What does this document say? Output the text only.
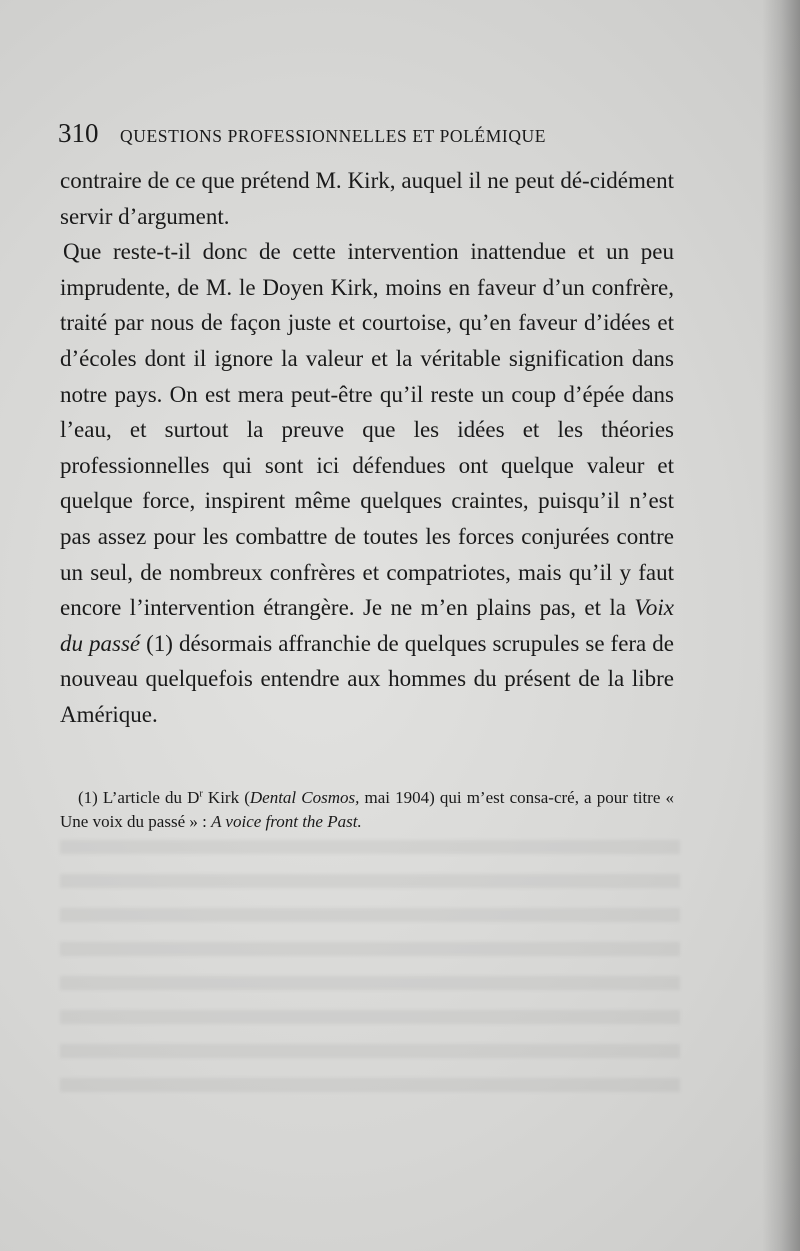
310 QUESTIONS PROFESSIONNELLES ET POLÉMIQUE

contraire de ce que prétend M. Kirk, auquel il ne peut dé-cidément servir d’argument.

Que reste-t-il donc de cette intervention inattendue et un peu imprudente, de M. le Doyen Kirk, moins en faveur d’un confrère, traité par nous de façon juste et courtoise, qu’en faveur d’idées et d’écoles dont il ignore la valeur et la véritable signification dans notre pays. On est mera peut-être qu’il reste un coup d’épée dans l’eau, et surtout la preuve que les idées et les théories professionnelles qui sont ici défendues ont quelque valeur et quelque force, inspirent même quelques craintes, puisqu’il n’est pas assez pour les combattre de toutes les forces conjurées contre un seul, de nombreux confrères et compatriotes, mais qu’il y faut encore l’intervention étrangère. Je ne m’en plains pas, et la Voix du passé (1) désormais affranchie de quelques scrupules se fera de nouveau quelquefois entendre aux hommes du présent de la libre Amérique.

(1) L’article du $D^r$ Kirk (Dental Cosmos, mai 1904) qui m’est consa-cré, a pour titre « Une voix du passé » : A voice front the Past.
